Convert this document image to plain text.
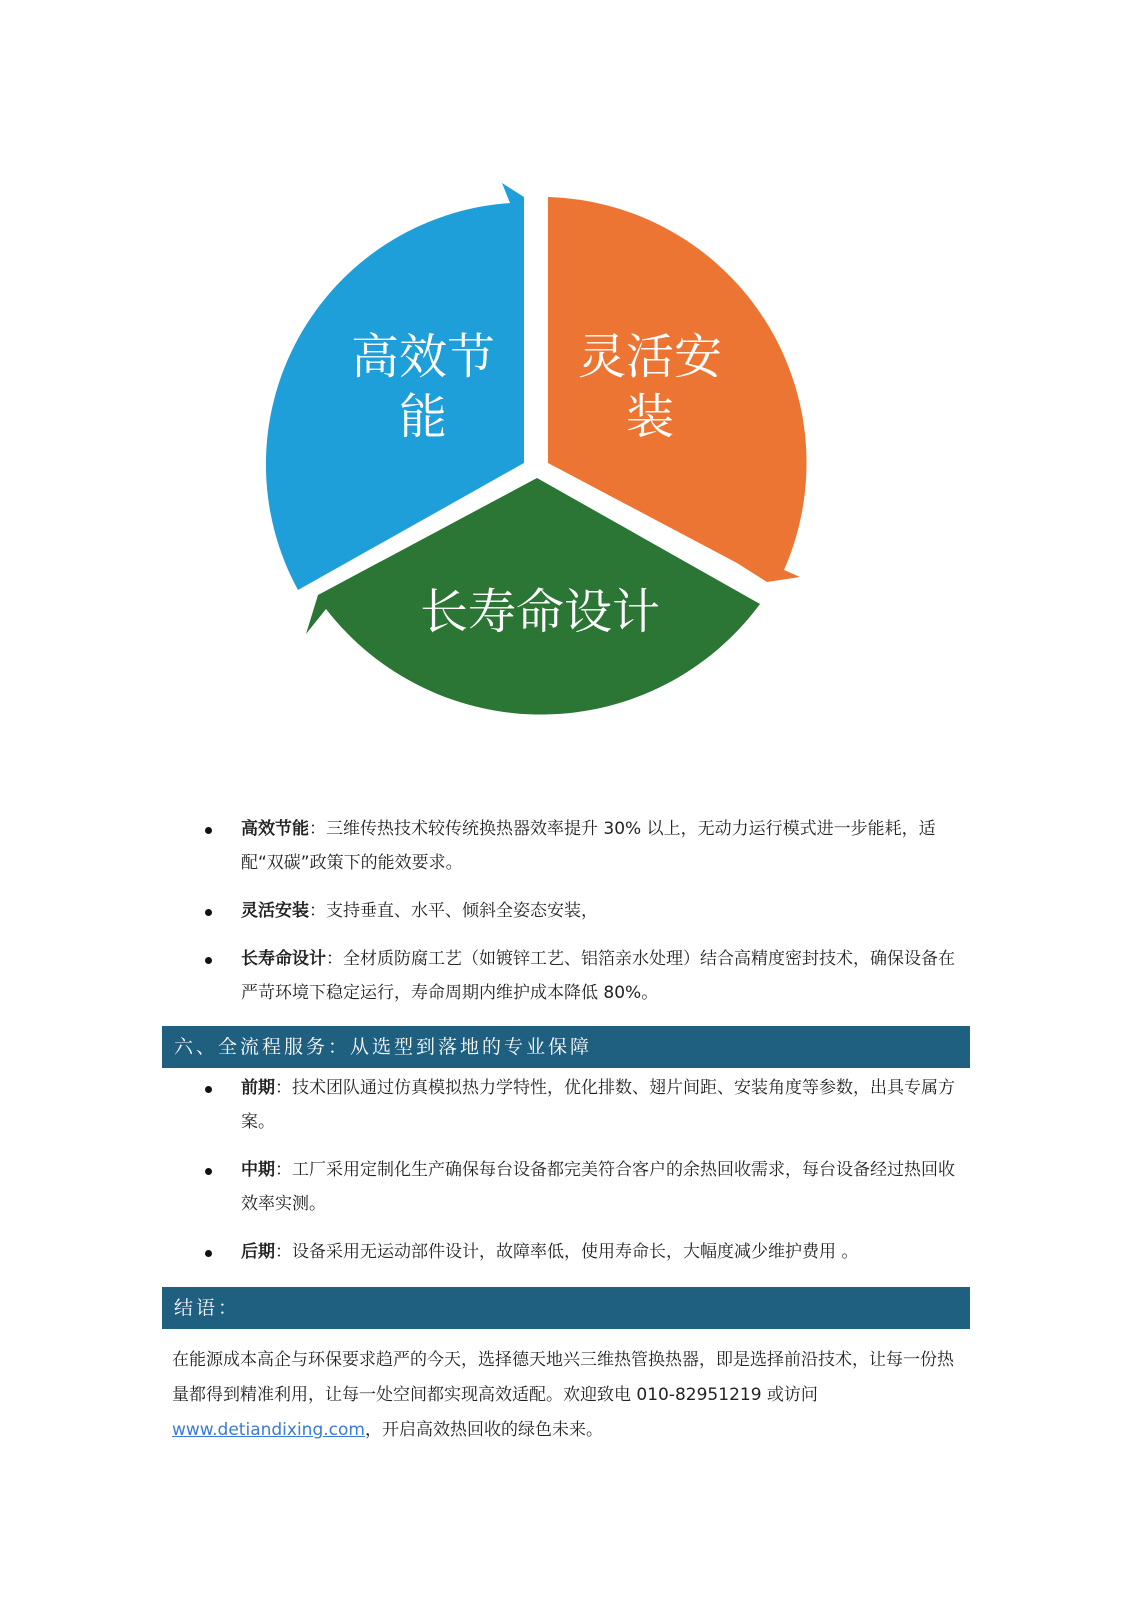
高效节
能
灵活安
装
长寿命设计
高效节能：三维传热技术较传统换热器效率提升 30% 以上，无动力运行模式进一步能耗，适配“双碳”政策下的能效要求。
灵活安装：支持垂直、水平、倾斜全姿态安装，
长寿命设计：全材质防腐工艺（如镀锌工艺、铝箔亲水处理）结合高精度密封技术，确保设备在严苛环境下稳定运行，寿命周期内维护成本降低 80%。
六、全流程服务：从选型到落地的专业保障
前期：技术团队通过仿真模拟热力学特性，优化排数、翅片间距、安装角度等参数，出具专属方案。
中期：工厂采用定制化生产确保每台设备都完美符合客户的余热回收需求，每台设备经过热回收效率实测。
后期：设备采用无运动部件设计，故障率低，使用寿命长，大幅度减少维护费用 。
结语：

在能源成本高企与环保要求趋严的今天，选择德天地兴三维热管换热器，即是选择前沿技术，让每一份热量都得到精准利用，让每一处空间都实现高效适配。欢迎致电 010-82951219 或访问 www.detiandixing.com，开启高效热回收的绿色未来。
